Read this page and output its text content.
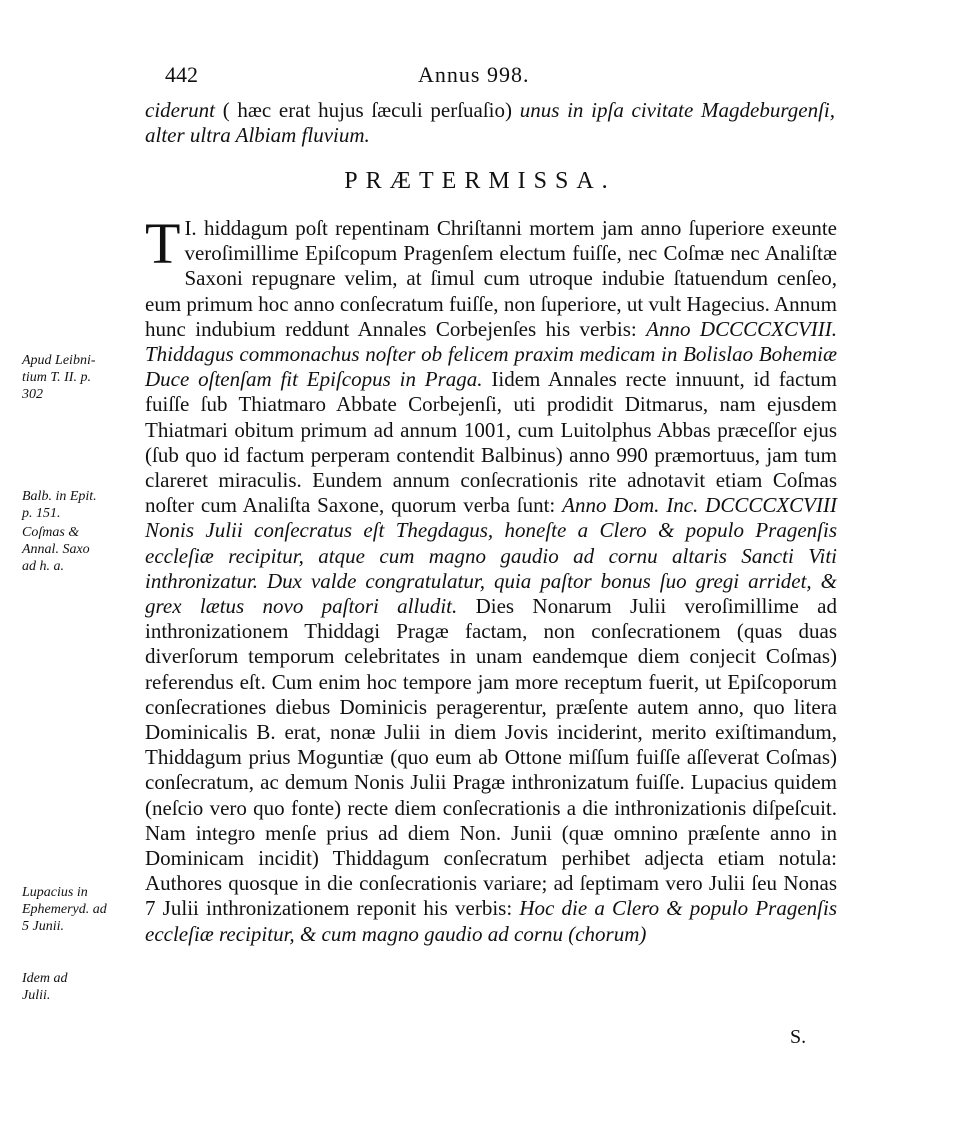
442	Annus 998.
ciderunt ( hæc erat hujus ſæculi perſuaſio) unus in ipſa civitate Magdeburgenſi, alter ultra Albiam fluvium.
PRÆTERMISSA.
I.
T hiddagum poſt repentinam Chriſtanni mortem jam anno ſuperiore exeunte veroſimillime Epiſcopum Pragenſem electum fuiſſe, nec Coſmæ nec Analiſtæ Saxoni repugnare velim, at ſimul cum utroque indubie ſtatuendum cenſeo, eum primum hoc anno conſecratum fuiſſe, non ſuperiore, ut vult Hagecius. Annum hunc indubium reddunt Annales Corbejenſes his verbis: Anno DCCCCXCVIII. Thiddagus commonachus noſter ob felicem praxim medicam in Bolislao Bohemiæ Duce oſtenſam fit Epiſcopus in Praga. Iidem Annales recte innuunt, id factum fuiſſe ſub Thiatmaro Abbate Corbejenſi, uti prodidit Ditmarus, nam ejusdem Thiatmari obitum primum ad annum 1001, cum Luitolphus Abbas præceſſor ejus (ſub quo id factum perperam contendit Balbinus) anno 990 præmortuus, jam tum clareret miraculis. Eundem annum conſecrationis rite adnotavit etiam Coſmas noſter cum Analiſta Saxone, quorum verba ſunt: Anno Dom. Inc. DCCCCXCVIII Nonis Julii conſecratus eſt Thegdagus, honeſte a Clero & populo Pragenſis eccleſiæ recipitur, atque cum magno gaudio ad cornu altaris Sancti Viti inthronizatur. Dux valde congratulatur, quia paſtor bonus ſuo gregi arridet, & grex lætus novo paſtori alludit. Dies Nonarum Julii veroſimillime ad inthronizationem Thiddagi Pragæ factam, non conſecrationem (quas duas diverſorum temporum celebritates in unam eandemque diem conjecit Coſmas) referendus eſt. Cum enim hoc tempore jam more receptum fuerit, ut Epiſcoporum conſecrationes diebus Dominicis peragerentur, præſente autem anno, quo litera Dominicalis B. erat, nonæ Julii in diem Jovis inciderint, merito exiſtimandum, Thiddagum prius Moguntiæ (quo eum ab Ottone miſſum fuiſſe aſſeverat Coſmas) conſecratum, ac demum Nonis Julii Pragæ inthronizatum fuiſſe. Lupacius quidem (neſcio vero quo fonte) recte diem conſecrationis a die inthronizationis diſpeſcuit. Nam integro menſe prius ad diem Non. Junii (quæ omnino præſente anno in Dominicam incidit) Thiddagum conſecratum perhibet adjecta etiam notula: Authores quosque in die conſecrationis variare; ad ſeptimam vero Julii ſeu Nonas 7 Julii inthronizationem reponit his verbis: Hoc die a Clero & populo Pragenſis eccleſiæ recipitur, & cum magno gaudio ad cornu (chorum)
Apud Leibni-
tium T. II. p.
302
Balb. in Epit.
p. 151.
Coſmas &
Annal. Saxo
ad h. a.
Lupacius in
Ephemeryd. ad
5 Junii.
Idem ad
Julii.
S.
